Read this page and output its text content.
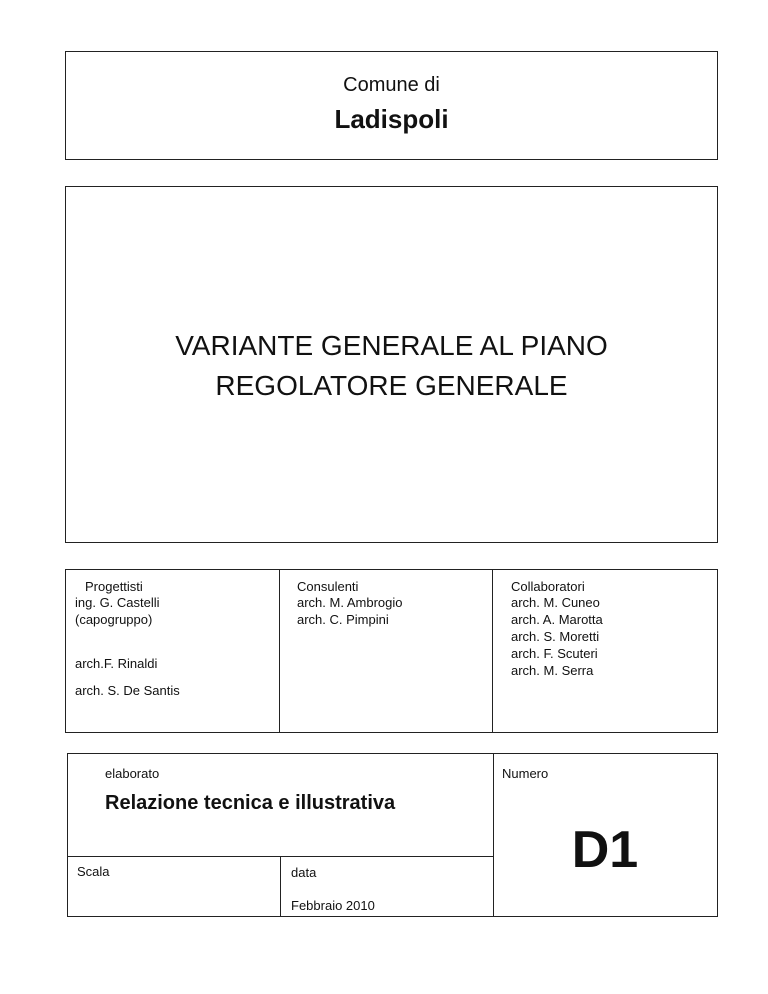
Comune di
Ladispoli
VARIANTE GENERALE AL PIANO
REGOLATORE GENERALE
Progettisti
ing. G. Castelli
(capogruppo)
arch.F. Rinaldi
arch. S. De Santis
Consulenti
arch. M. Ambrogio
arch. C. Pimpini
Collaboratori
arch. M. Cuneo
arch. A. Marotta
arch. S. Moretti
arch. F. Scuteri
arch. M. Serra
elaborato
Relazione tecnica e illustrativa
Scala	data
Febbraio 2010
Numero
D1
